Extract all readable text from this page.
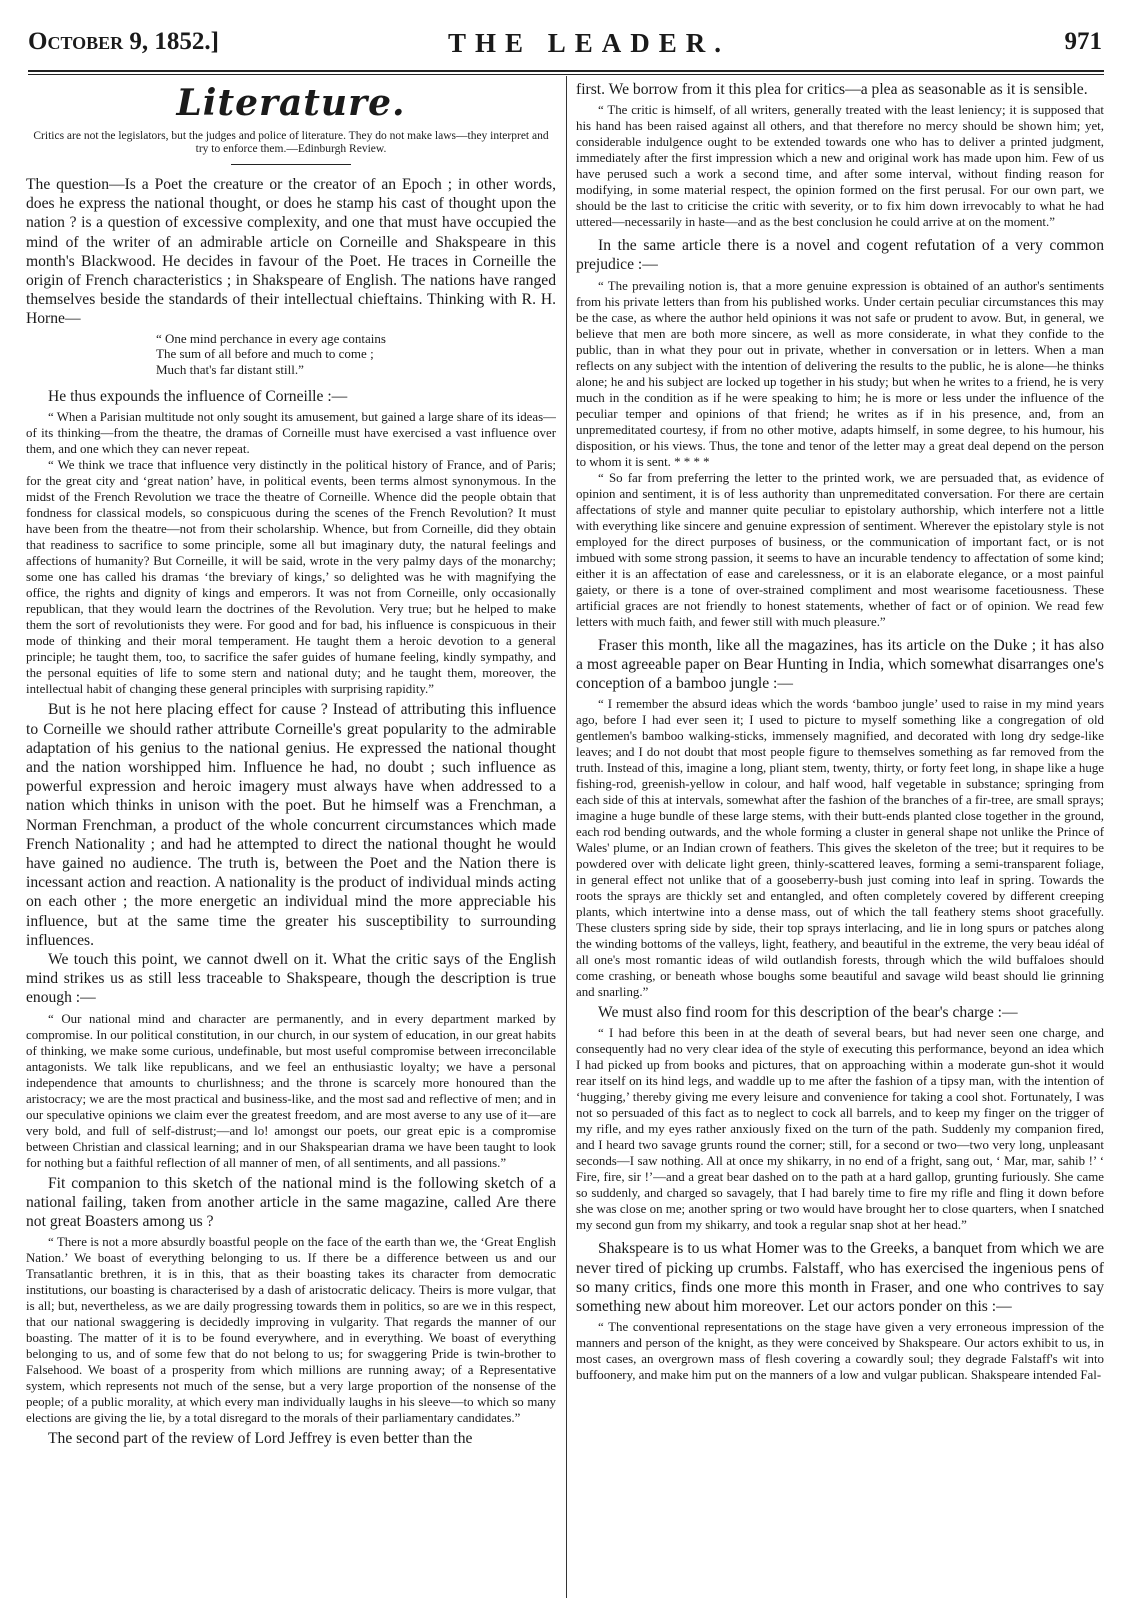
October 9, 1852.]	THE LEADER.	971
Literature.

Critics are not the legislators, but the judges and police of literature. They do not make laws—they interpret and try to enforce them.—Edinburgh Review.

The question—Is a Poet the creature or the creator of an Epoch ; in other words, does he express the national thought, or does he stamp his cast of thought upon the nation ? is a question of excessive complexity, and one that must have occupied the mind of the writer of an admirable article on Corneille and Shakspeare in this month's Blackwood. He decides in favour of the Poet. He traces in Corneille the origin of French characteristics ; in Shakspeare of English. The nations have ranged themselves beside the standards of their intellectual chieftains. Thinking with R. H. Horne—

“ One mind perchance in every age contains
The sum of all before and much to come ;
Much that's far distant still.”

He thus expounds the influence of Corneille :—

“ When a Parisian multitude not only sought its amusement, but gained a large share of its ideas—of its thinking—from the theatre, the dramas of Corneille must have exercised a vast influence over them, and one which they can never repeat.

“ We think we trace that influence very distinctly in the political history of France, and of Paris; for the great city and ‘great nation’ have, in political events, been terms almost synonymous. In the midst of the French Revolution we trace the theatre of Corneille. Whence did the people obtain that fondness for classical models, so conspicuous during the scenes of the French Revolution? It must have been from the theatre—not from their scholarship. Whence, but from Corneille, did they obtain that readiness to sacrifice to some principle, some all but imaginary duty, the natural feelings and affections of humanity? But Corneille, it will be said, wrote in the very palmy days of the monarchy; some one has called his dramas ‘the breviary of kings,’ so delighted was he with magnifying the office, the rights and dignity of kings and emperors. It was not from Corneille, only occasionally republican, that they would learn the doctrines of the Revolution. Very true; but he helped to make them the sort of revolutionists they were. For good and for bad, his influence is conspicuous in their mode of thinking and their moral temperament. He taught them a heroic devotion to a general principle; he taught them, too, to sacrifice the safer guides of humane feeling, kindly sympathy, and the personal equities of life to some stern and national duty; and he taught them, moreover, the intellectual habit of changing these general principles with surprising rapidity.”

But is he not here placing effect for cause ? Instead of attributing this influence to Corneille we should rather attribute Corneille's great popularity to the admirable adaptation of his genius to the national genius. He expressed the national thought and the nation worshipped him. Influence he had, no doubt ; such influence as powerful expression and heroic imagery must always have when addressed to a nation which thinks in unison with the poet. But he himself was a Frenchman, a Norman Frenchman, a product of the whole concurrent circumstances which made French Nationality ; and had he attempted to direct the national thought he would have gained no audience. The truth is, between the Poet and the Nation there is incessant action and reaction. A nationality is the product of individual minds acting on each other ; the more energetic an individual mind the more appreciable his influence, but at the same time the greater his susceptibility to surrounding influences.

We touch this point, we cannot dwell on it. What the critic says of the English mind strikes us as still less traceable to Shakspeare, though the description is true enough :—

“ Our national mind and character are permanently, and in every department marked by compromise. In our political constitution, in our church, in our system of education, in our great habits of thinking, we make some curious, undefinable, but most useful compromise between irreconcilable antagonists. We talk like republicans, and we feel an enthusiastic loyalty; we have a personal independence that amounts to churlishness; and the throne is scarcely more honoured than the aristocracy; we are the most practical and business-like, and the most sad and reflective of men; and in our speculative opinions we claim ever the greatest freedom, and are most averse to any use of it—are very bold, and full of self-distrust;—and lo! amongst our poets, our great epic is a compromise between Christian and classical learning; and in our Shakspearian drama we have been taught to look for nothing but a faithful reflection of all manner of men, of all sentiments, and all passions.”

Fit companion to this sketch of the national mind is the following sketch of a national failing, taken from another article in the same magazine, called Are there not great Boasters among us ?

“ There is not a more absurdly boastful people on the face of the earth than we, the ‘Great English Nation.’ We boast of everything belonging to us. If there be a difference between us and our Transatlantic brethren, it is in this, that as their boasting takes its character from democratic institutions, our boasting is characterised by a dash of aristocratic delicacy. Theirs is more vulgar, that is all; but, nevertheless, as we are daily progressing towards them in politics, so are we in this respect, that our national swaggering is decidedly improving in vulgarity. That regards the manner of our boasting. The matter of it is to be found everywhere, and in everything. We boast of everything belonging to us, and of some few that do not belong to us; for swaggering Pride is twin-brother to Falsehood. We boast of a prosperity from which millions are running away; of a Representative system, which represents not much of the sense, but a very large proportion of the nonsense of the people; of a public morality, at which every man individually laughs in his sleeve—to which so many elections are giving the lie, by a total disregard to the morals of their parliamentary candidates.”

The second part of the review of Lord Jeffrey is even better than the

first. We borrow from it this plea for critics—a plea as seasonable as it is sensible.

“ The critic is himself, of all writers, generally treated with the least leniency; it is supposed that his hand has been raised against all others, and that therefore no mercy should be shown him; yet, considerable indulgence ought to be extended towards one who has to deliver a printed judgment, immediately after the first impression which a new and original work has made upon him. Few of us have perused such a work a second time, and after some interval, without finding reason for modifying, in some material respect, the opinion formed on the first perusal. For our own part, we should be the last to criticise the critic with severity, or to fix him down irrevocably to what he had uttered—necessarily in haste—and as the best conclusion he could arrive at on the moment.”

In the same article there is a novel and cogent refutation of a very common prejudice :—

“ The prevailing notion is, that a more genuine expression is obtained of an author's sentiments from his private letters than from his published works. Under certain peculiar circumstances this may be the case, as where the author held opinions it was not safe or prudent to avow. But, in general, we believe that men are both more sincere, as well as more considerate, in what they confide to the public, than in what they pour out in private, whether in conversation or in letters. When a man reflects on any subject with the intention of delivering the results to the public, he is alone—he thinks alone; he and his subject are locked up together in his study; but when he writes to a friend, he is very much in the condition as if he were speaking to him; he is more or less under the influence of the peculiar temper and opinions of that friend; he writes as if in his presence, and, from an unpremeditated courtesy, if from no other motive, adapts himself, in some degree, to his humour, his disposition, or his views. Thus, the tone and tenor of the letter may a great deal depend on the person to whom it is sent. * * * *

“ So far from preferring the letter to the printed work, we are persuaded that, as evidence of opinion and sentiment, it is of less authority than unpremeditated conversation. For there are certain affectations of style and manner quite peculiar to epistolary authorship, which interfere not a little with everything like sincere and genuine expression of sentiment. Wherever the epistolary style is not employed for the direct purposes of business, or the communication of important fact, or is not imbued with some strong passion, it seems to have an incurable tendency to affectation of some kind; either it is an affectation of ease and carelessness, or it is an elaborate elegance, or a most painful gaiety, or there is a tone of over-strained compliment and most wearisome facetiousness. These artificial graces are not friendly to honest statements, whether of fact or of opinion. We read few letters with much faith, and fewer still with much pleasure.”

Fraser this month, like all the magazines, has its article on the Duke ; it has also a most agreeable paper on Bear Hunting in India, which somewhat disarranges one's conception of a bamboo jungle :—

“ I remember the absurd ideas which the words ‘bamboo jungle’ used to raise in my mind years ago, before I had ever seen it; I used to picture to myself something like a congregation of old gentlemen's bamboo walking-sticks, immensely magnified, and decorated with long dry sedge-like leaves; and I do not doubt that most people figure to themselves something as far removed from the truth. Instead of this, imagine a long, pliant stem, twenty, thirty, or forty feet long, in shape like a huge fishing-rod, greenish-yellow in colour, and half wood, half vegetable in substance; springing from each side of this at intervals, somewhat after the fashion of the branches of a fir-tree, are small sprays; imagine a huge bundle of these large stems, with their butt-ends planted close together in the ground, each rod bending outwards, and the whole forming a cluster in general shape not unlike the Prince of Wales' plume, or an Indian crown of feathers. This gives the skeleton of the tree; but it requires to be powdered over with delicate light green, thinly-scattered leaves, forming a semi-transparent foliage, in general effect not unlike that of a gooseberry-bush just coming into leaf in spring. Towards the roots the sprays are thickly set and entangled, and often completely covered by different creeping plants, which intertwine into a dense mass, out of which the tall feathery stems shoot gracefully. These clusters spring side by side, their top sprays interlacing, and lie in long spurs or patches along the winding bottoms of the valleys, light, feathery, and beautiful in the extreme, the very beau idéal of all one's most romantic ideas of wild outlandish forests, through which the wild buffaloes should come crashing, or beneath whose boughs some beautiful and savage wild beast should lie grinning and snarling.”

We must also find room for this description of the bear's charge :—

“ I had before this been in at the death of several bears, but had never seen one charge, and consequently had no very clear idea of the style of executing this performance, beyond an idea which I had picked up from books and pictures, that on approaching within a moderate gun-shot it would rear itself on its hind legs, and waddle up to me after the fashion of a tipsy man, with the intention of ‘hugging,’ thereby giving me every leisure and convenience for taking a cool shot. Fortunately, I was not so persuaded of this fact as to neglect to cock all barrels, and to keep my finger on the trigger of my rifle, and my eyes rather anxiously fixed on the turn of the path. Suddenly my companion fired, and I heard two savage grunts round the corner; still, for a second or two—two very long, unpleasant seconds—I saw nothing. All at once my shikarry, in no end of a fright, sang out, ‘ Mar, mar, sahib !’ ‘ Fire, fire, sir !’—and a great bear dashed on to the path at a hard gallop, grunting furiously. She came so suddenly, and charged so savagely, that I had barely time to fire my rifle and fling it down before she was close on me; another spring or two would have brought her to close quarters, when I snatched my second gun from my shikarry, and took a regular snap shot at her head.”

Shakspeare is to us what Homer was to the Greeks, a banquet from which we are never tired of picking up crumbs. Falstaff, who has exercised the ingenious pens of so many critics, finds one more this month in Fraser, and one who contrives to say something new about him moreover. Let our actors ponder on this :—

“ The conventional representations on the stage have given a very erroneous impression of the manners and person of the knight, as they were conceived by Shakspeare. Our actors exhibit to us, in most cases, an overgrown mass of flesh covering a cowardly soul; they degrade Falstaff's wit into buffoonery, and make him put on the manners of a low and vulgar publican. Shakspeare intended Fal-
